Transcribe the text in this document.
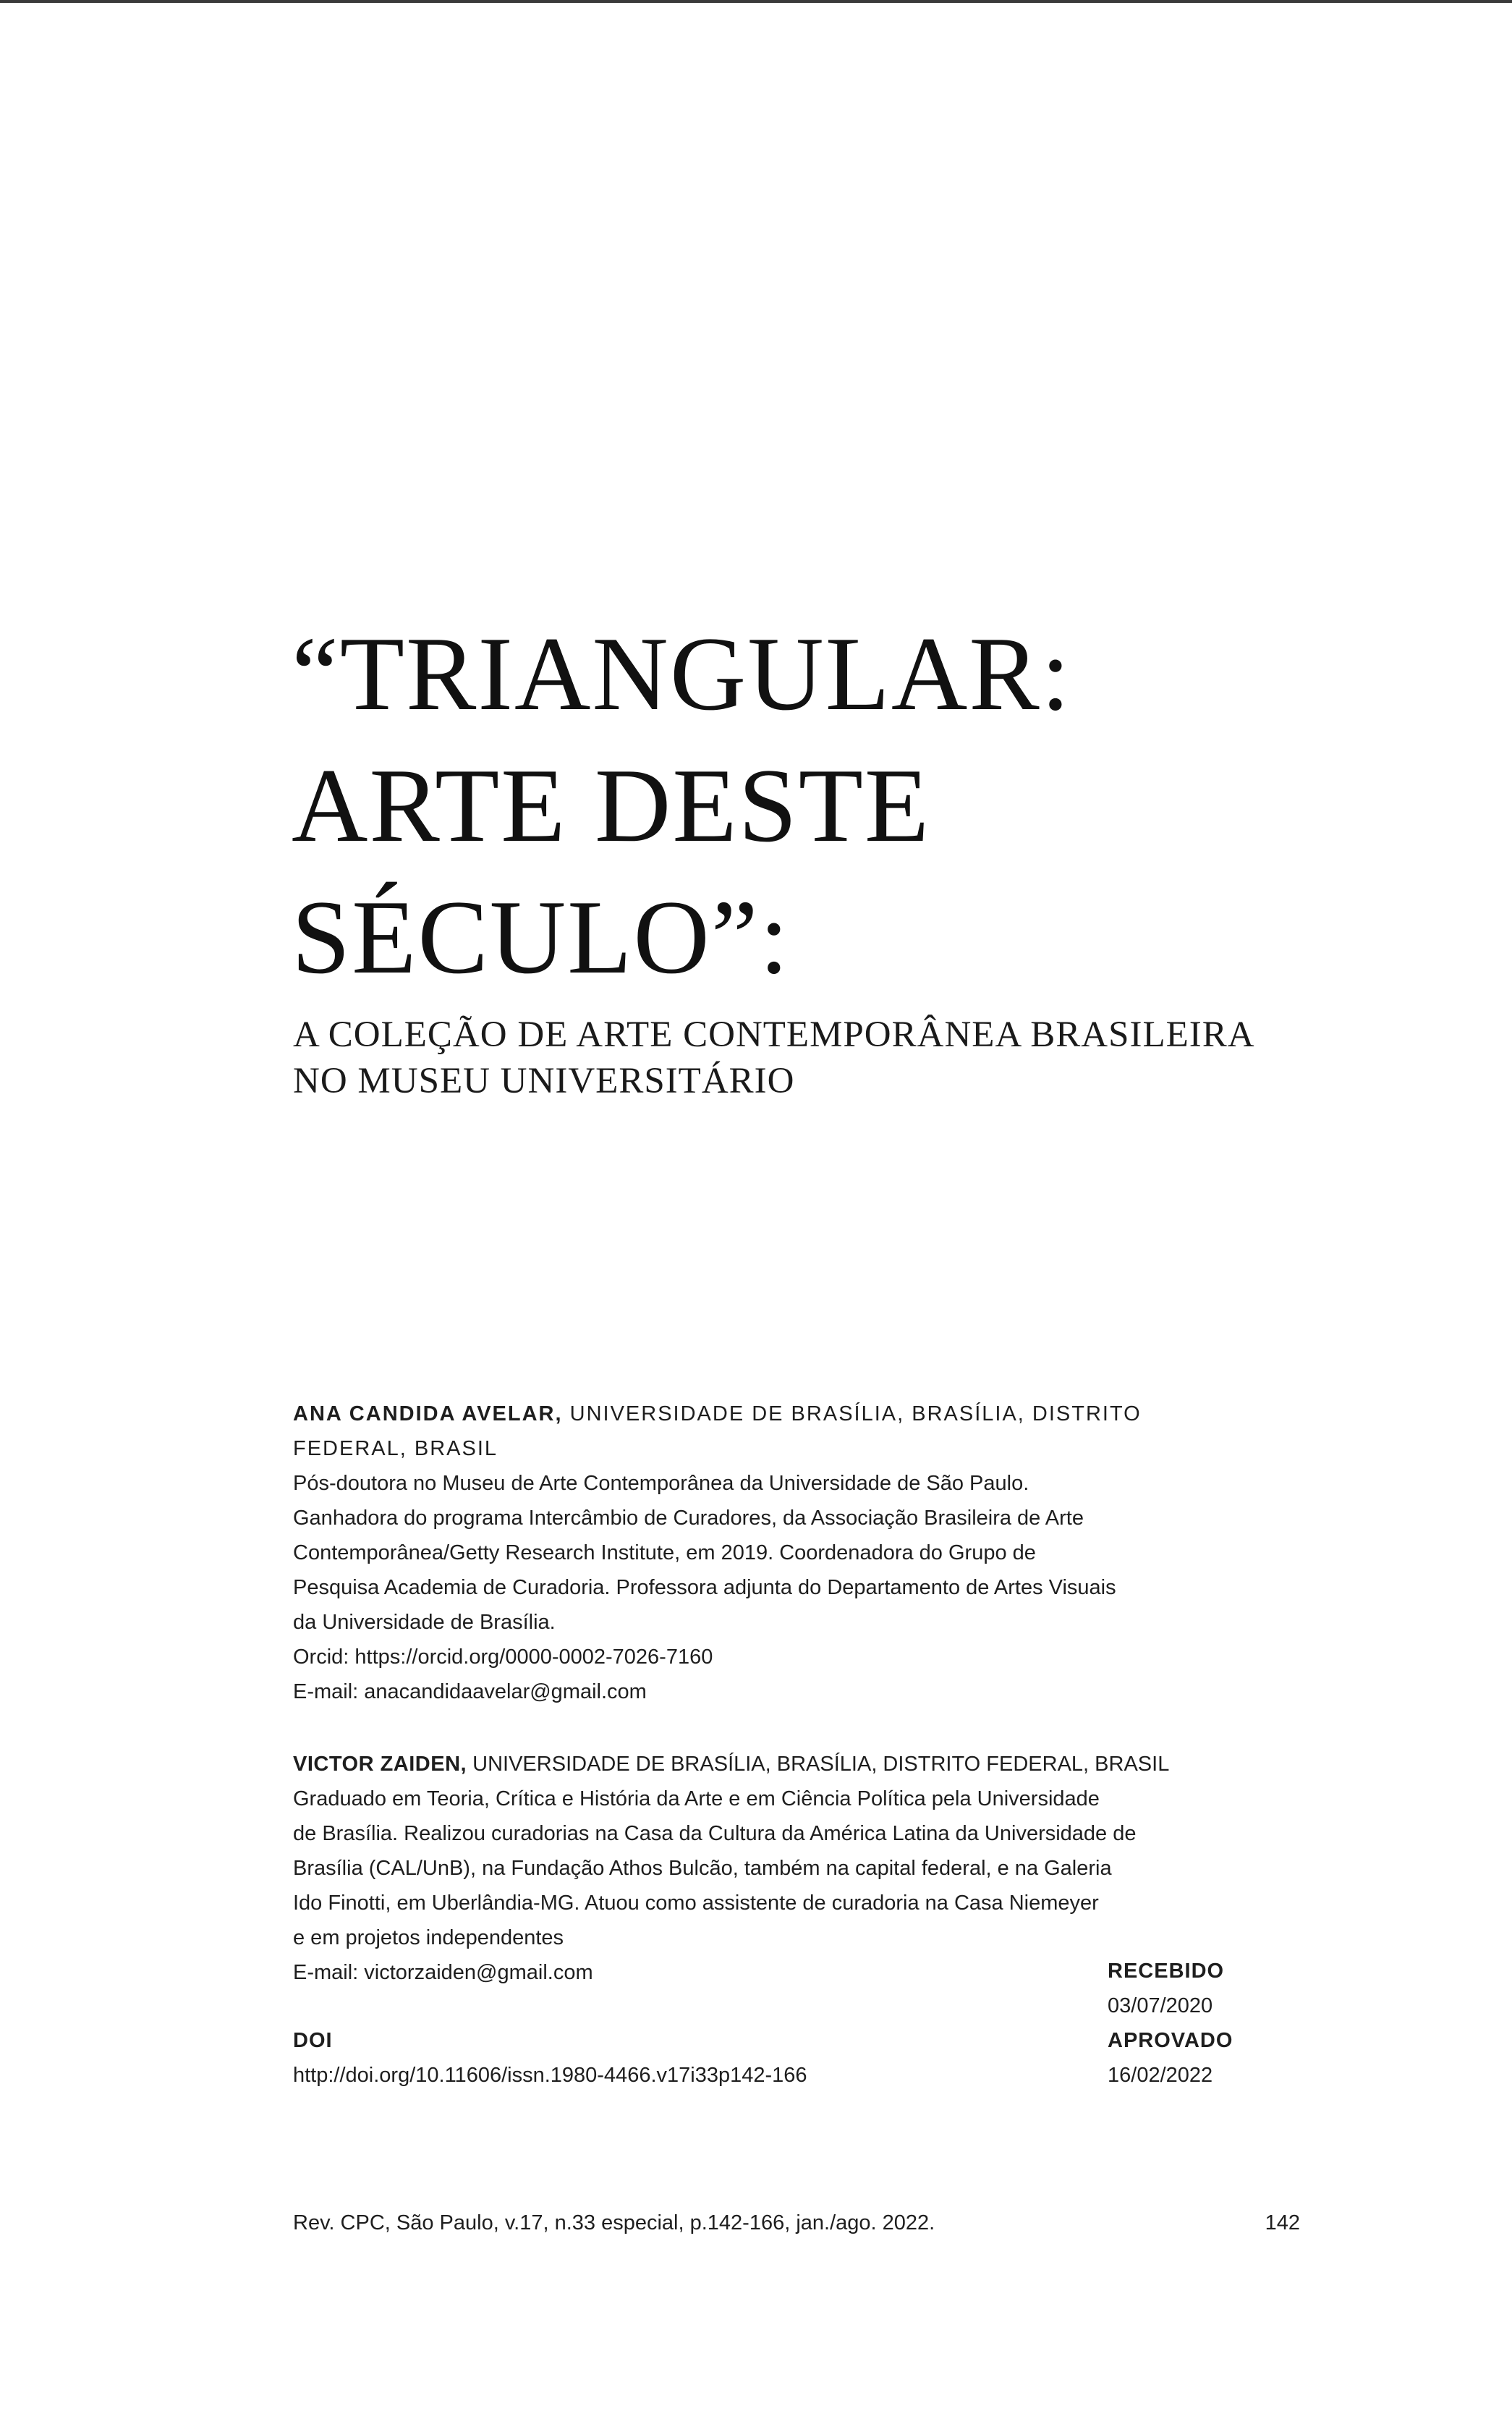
“TRIANGULAR:
ARTE DESTE
SÉCULO”:
A COLEÇÃO DE ARTE CONTEMPORÂNEA BRASILEIRA
NO MUSEU UNIVERSITÁRIO
ANA CANDIDA AVELAR, UNIVERSIDADE DE BRASÍLIA, BRASÍLIA, DISTRITO
FEDERAL, BRASIL
Pós-doutora no Museu de Arte Contemporânea da Universidade de São Paulo.
Ganhadora do programa Intercâmbio de Curadores, da Associação Brasileira de Arte
Contemporânea/Getty Research Institute, em 2019. Coordenadora do Grupo de
Pesquisa Academia de Curadoria. Professora adjunta do Departamento de Artes Visuais
da Universidade de Brasília.
Orcid: https://orcid.org/0000-0002-7026-7160
E-mail: anacandidaavelar@gmail.com
VICTOR ZAIDEN, UNIVERSIDADE DE BRASÍLIA, BRASÍLIA, DISTRITO FEDERAL, BRASIL
Graduado em Teoria, Crítica e História da Arte e em Ciência Política pela Universidade
de Brasília. Realizou curadorias na Casa da Cultura da América Latina da Universidade de
Brasília (CAL/UnB), na Fundação Athos Bulcão, também na capital federal, e na Galeria
Ido Finotti, em Uberlândia-MG. Atuou como assistente de curadoria na Casa Niemeyer
e em projetos independentes
E-mail: victorzaiden@gmail.com
DOI
http://doi.org/10.11606/issn.1980-4466.v17i33p142-166
RECEBIDO
03/07/2020
APROVADO
16/02/2022
Rev. CPC, São Paulo, v.17, n.33 especial, p.142-166, jan./ago. 2022.	142
